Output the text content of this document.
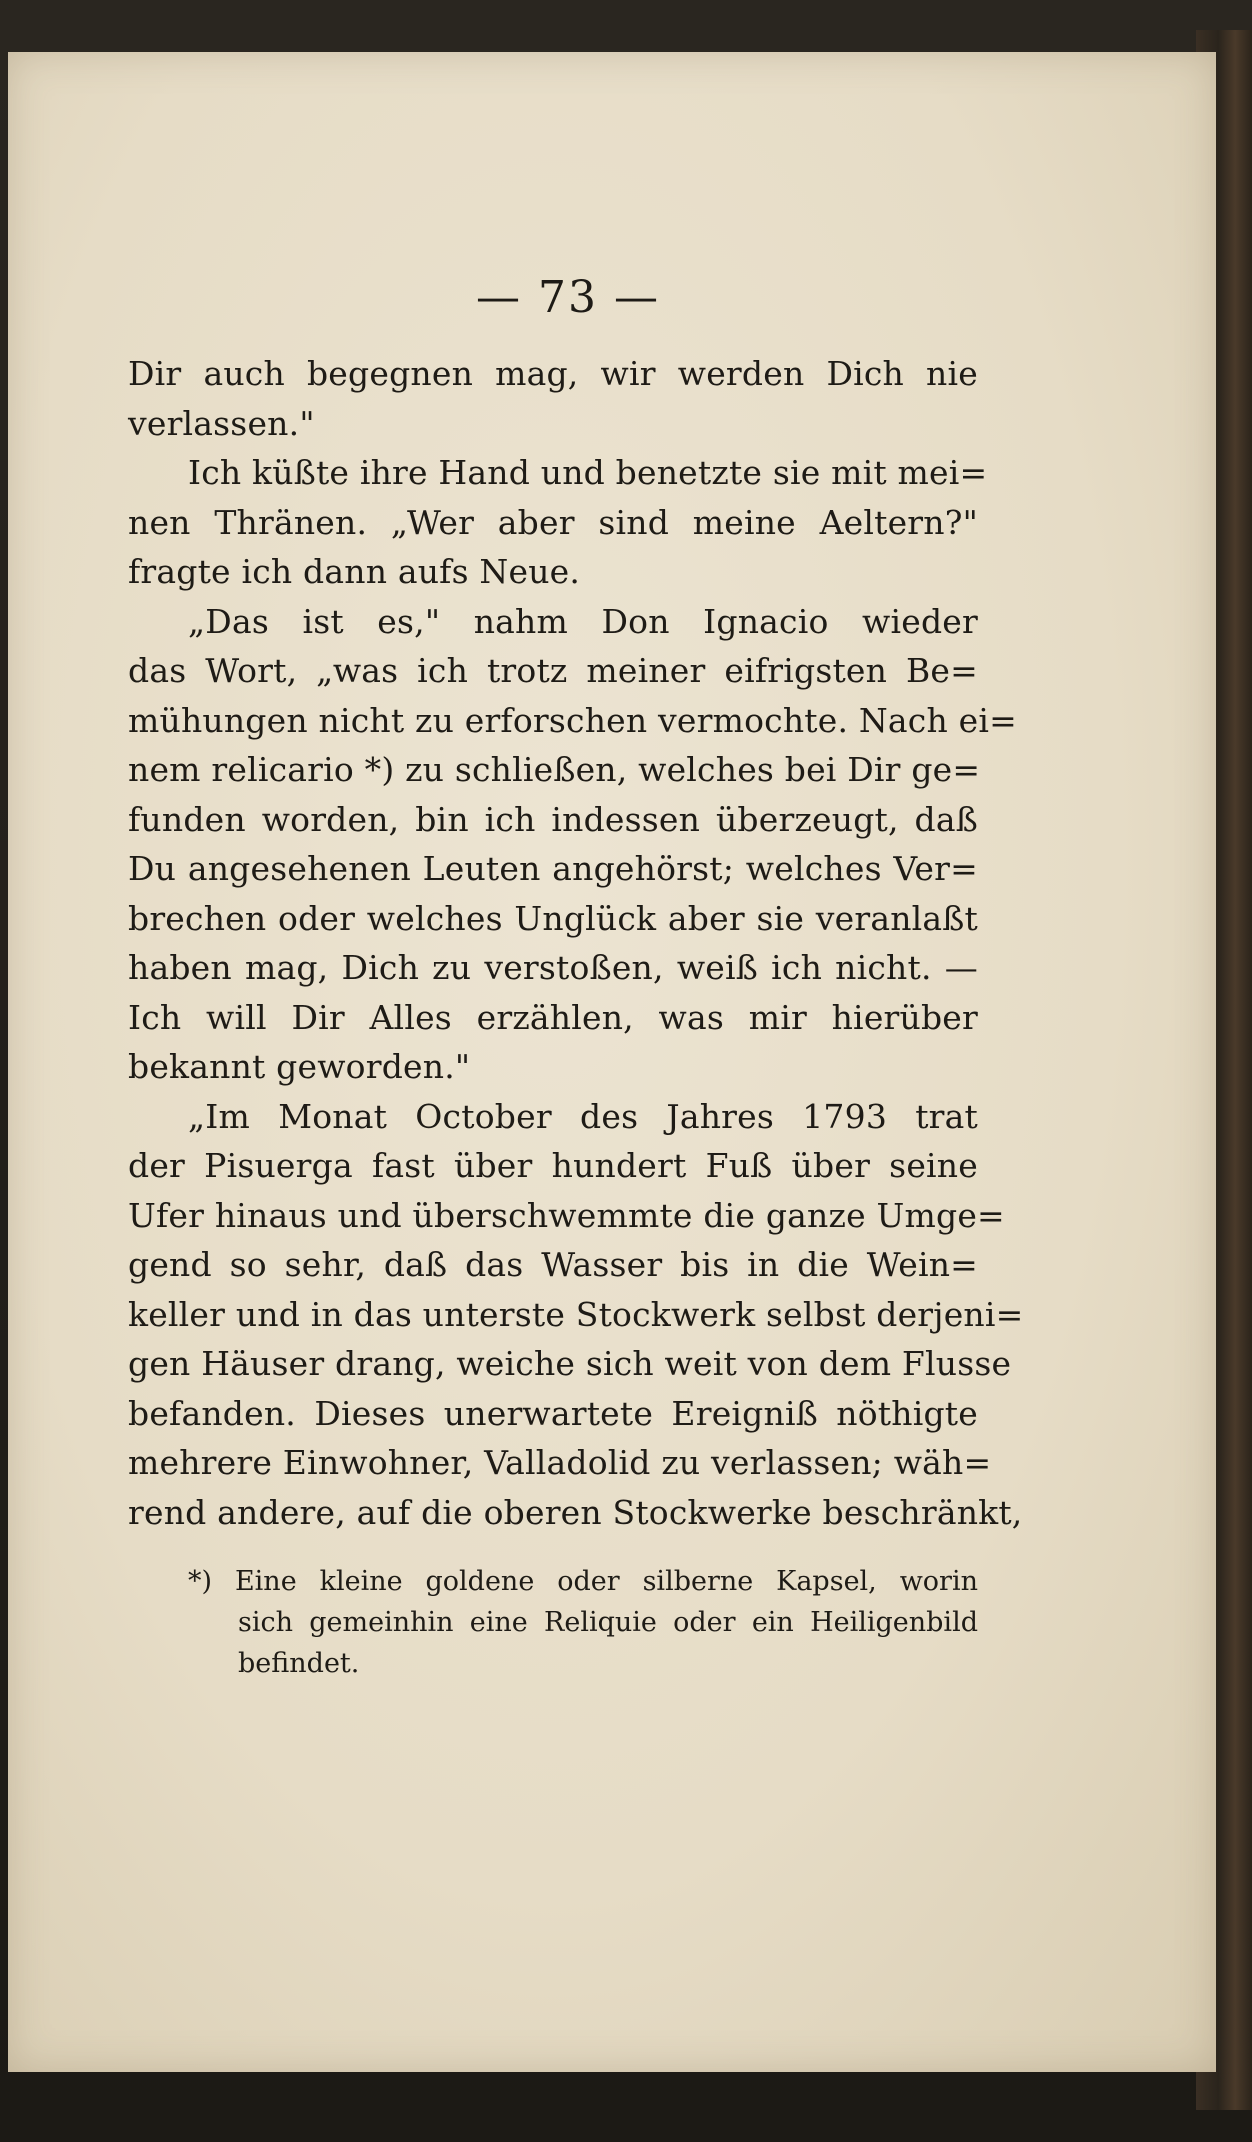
— 73 —
Dir auch begegnen mag, wir werden Dich nie
verlassen."
Ich küßte ihre Hand und benetzte sie mit mei=
nen Thränen. „Wer aber sind meine Aeltern?"
fragte ich dann aufs Neue.
„Das ist es," nahm Don Ignacio wieder
das Wort, „was ich trotz meiner eifrigsten Be=
mühungen nicht zu erforschen vermochte. Nach ei=
nem relicario *) zu schließen, welches bei Dir ge=
funden worden, bin ich indessen überzeugt, daß
Du angesehenen Leuten angehörst; welches Ver=
brechen oder welches Unglück aber sie veranlaßt
haben mag, Dich zu verstoßen, weiß ich nicht. —
Ich will Dir Alles erzählen, was mir hierüber
bekannt geworden."
„Im Monat October des Jahres 1793 trat
der Pisuerga fast über hundert Fuß über seine
Ufer hinaus und überschwemmte die ganze Umge=
gend so sehr, daß das Wasser bis in die Wein=
keller und in das unterste Stockwerk selbst derjeni=
gen Häuser drang, weiche sich weit von dem Flusse
befanden. Dieses unerwartete Ereigniß nöthigte
mehrere Einwohner, Valladolid zu verlassen; wäh=
rend andere, auf die oberen Stockwerke beschränkt,
*) Eine kleine goldene oder silberne Kapsel, worin
sich gemeinhin eine Reliquie oder ein Heiligenbild
befindet.
